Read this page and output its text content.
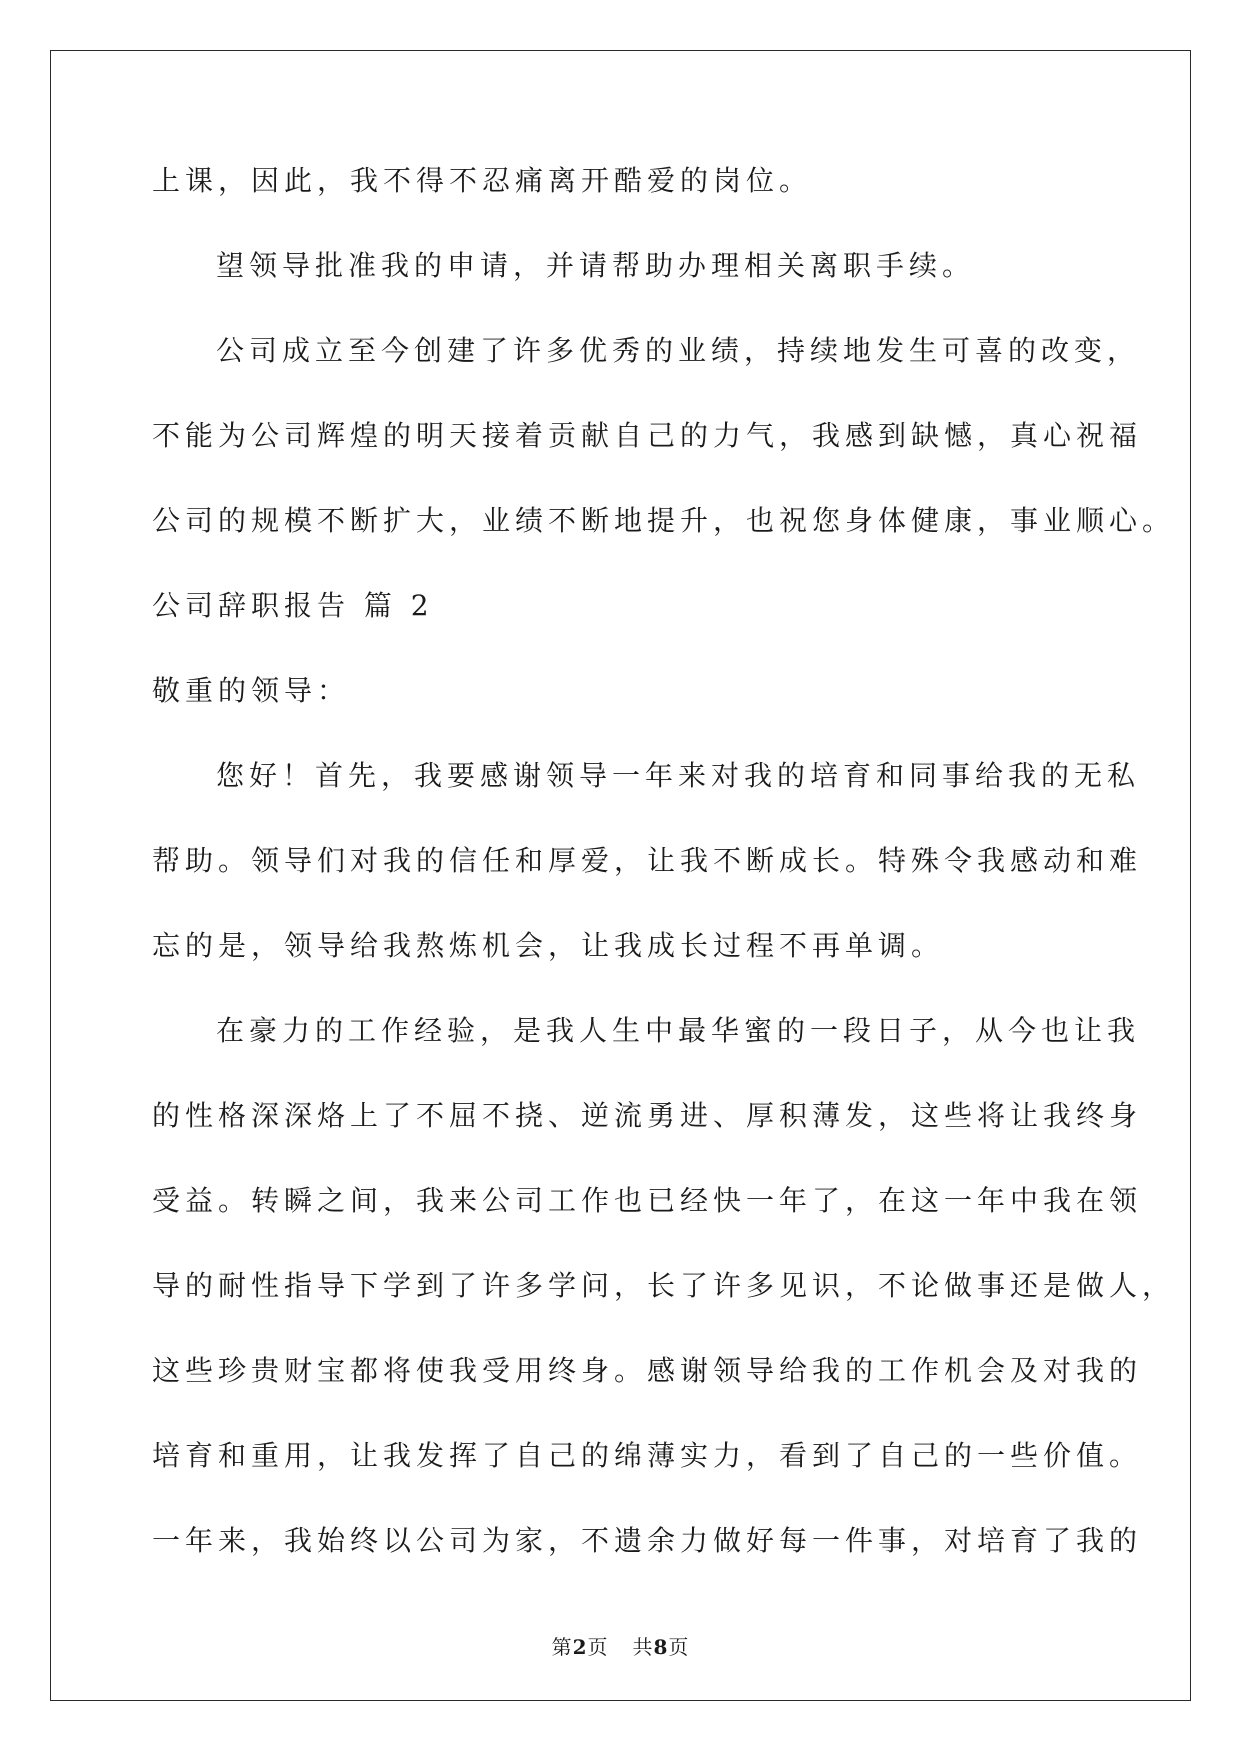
上课，因此，我不得不忍痛离开酷爱的岗位。
望领导批准我的申请，并请帮助办理相关离职手续。
公司成立至今创建了许多优秀的业绩，持续地发生可喜的改变，
不能为公司辉煌的明天接着贡献自己的力气，我感到缺憾，真心祝福
公司的规模不断扩大，业绩不断地提升，也祝您身体健康，事业顺心。
公司辞职报告 篇 2
敬重的领导：
您好！首先，我要感谢领导一年来对我的培育和同事给我的无私
帮助。领导们对我的信任和厚爱，让我不断成长。特殊令我感动和难
忘的是，领导给我熬炼机会，让我成长过程不再单调。
在豪力的工作经验，是我人生中最华蜜的一段日子，从今也让我
的性格深深烙上了不屈不挠、逆流勇进、厚积薄发，这些将让我终身
受益。转瞬之间，我来公司工作也已经快一年了，在这一年中我在领
导的耐性指导下学到了许多学问，长了许多见识，不论做事还是做人，
这些珍贵财宝都将使我受用终身。感谢领导给我的工作机会及对我的
培育和重用，让我发挥了自己的绵薄实力，看到了自己的一些价值。
一年来，我始终以公司为家，不遗余力做好每一件事，对培育了我的
第2页 共8页
